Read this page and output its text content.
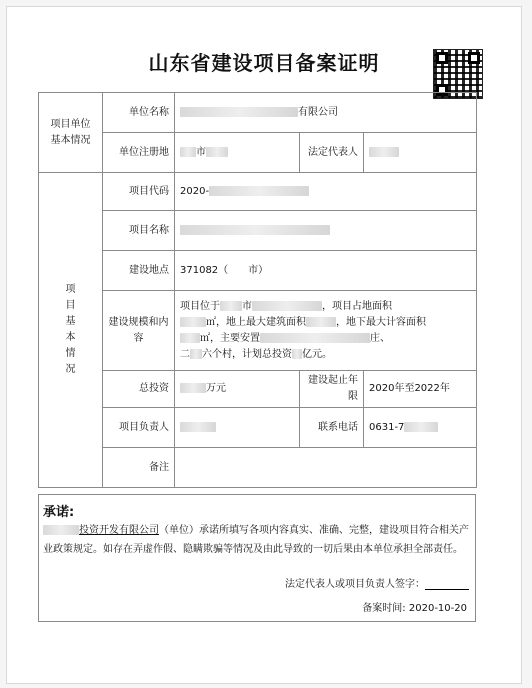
山东省建设项目备案证明
项目单位
基本情况	单位名称	有限公司		
	单位注册地	市	法定代表人	
项目基本情况	项目代码	2020-		
	项目名称			
	建设地点	371082（　　市）		
	建设规模和内容	项目位于 市 ，项目占地面积
㎡，地上最大建筑面积 ，地下最大计容面积
㎡，主要安置 庄、
二 六个村，计划总投资 亿元。		
	总投资	万元	建设起止年限	2020年至2022年
	项目负责人		联系电话	0631-7
	备注			
承诺:
投资开发有限公司（单位）承诺所填写各项内容真实、准确、完整，建设项目符合相关产业政策规定。如存在弄虚作假、隐瞒欺骗等情况及由此导致的一切后果由本单位承担全部责任。
法定代表人或项目负责人签字：
备案时间: 2020-10-20
